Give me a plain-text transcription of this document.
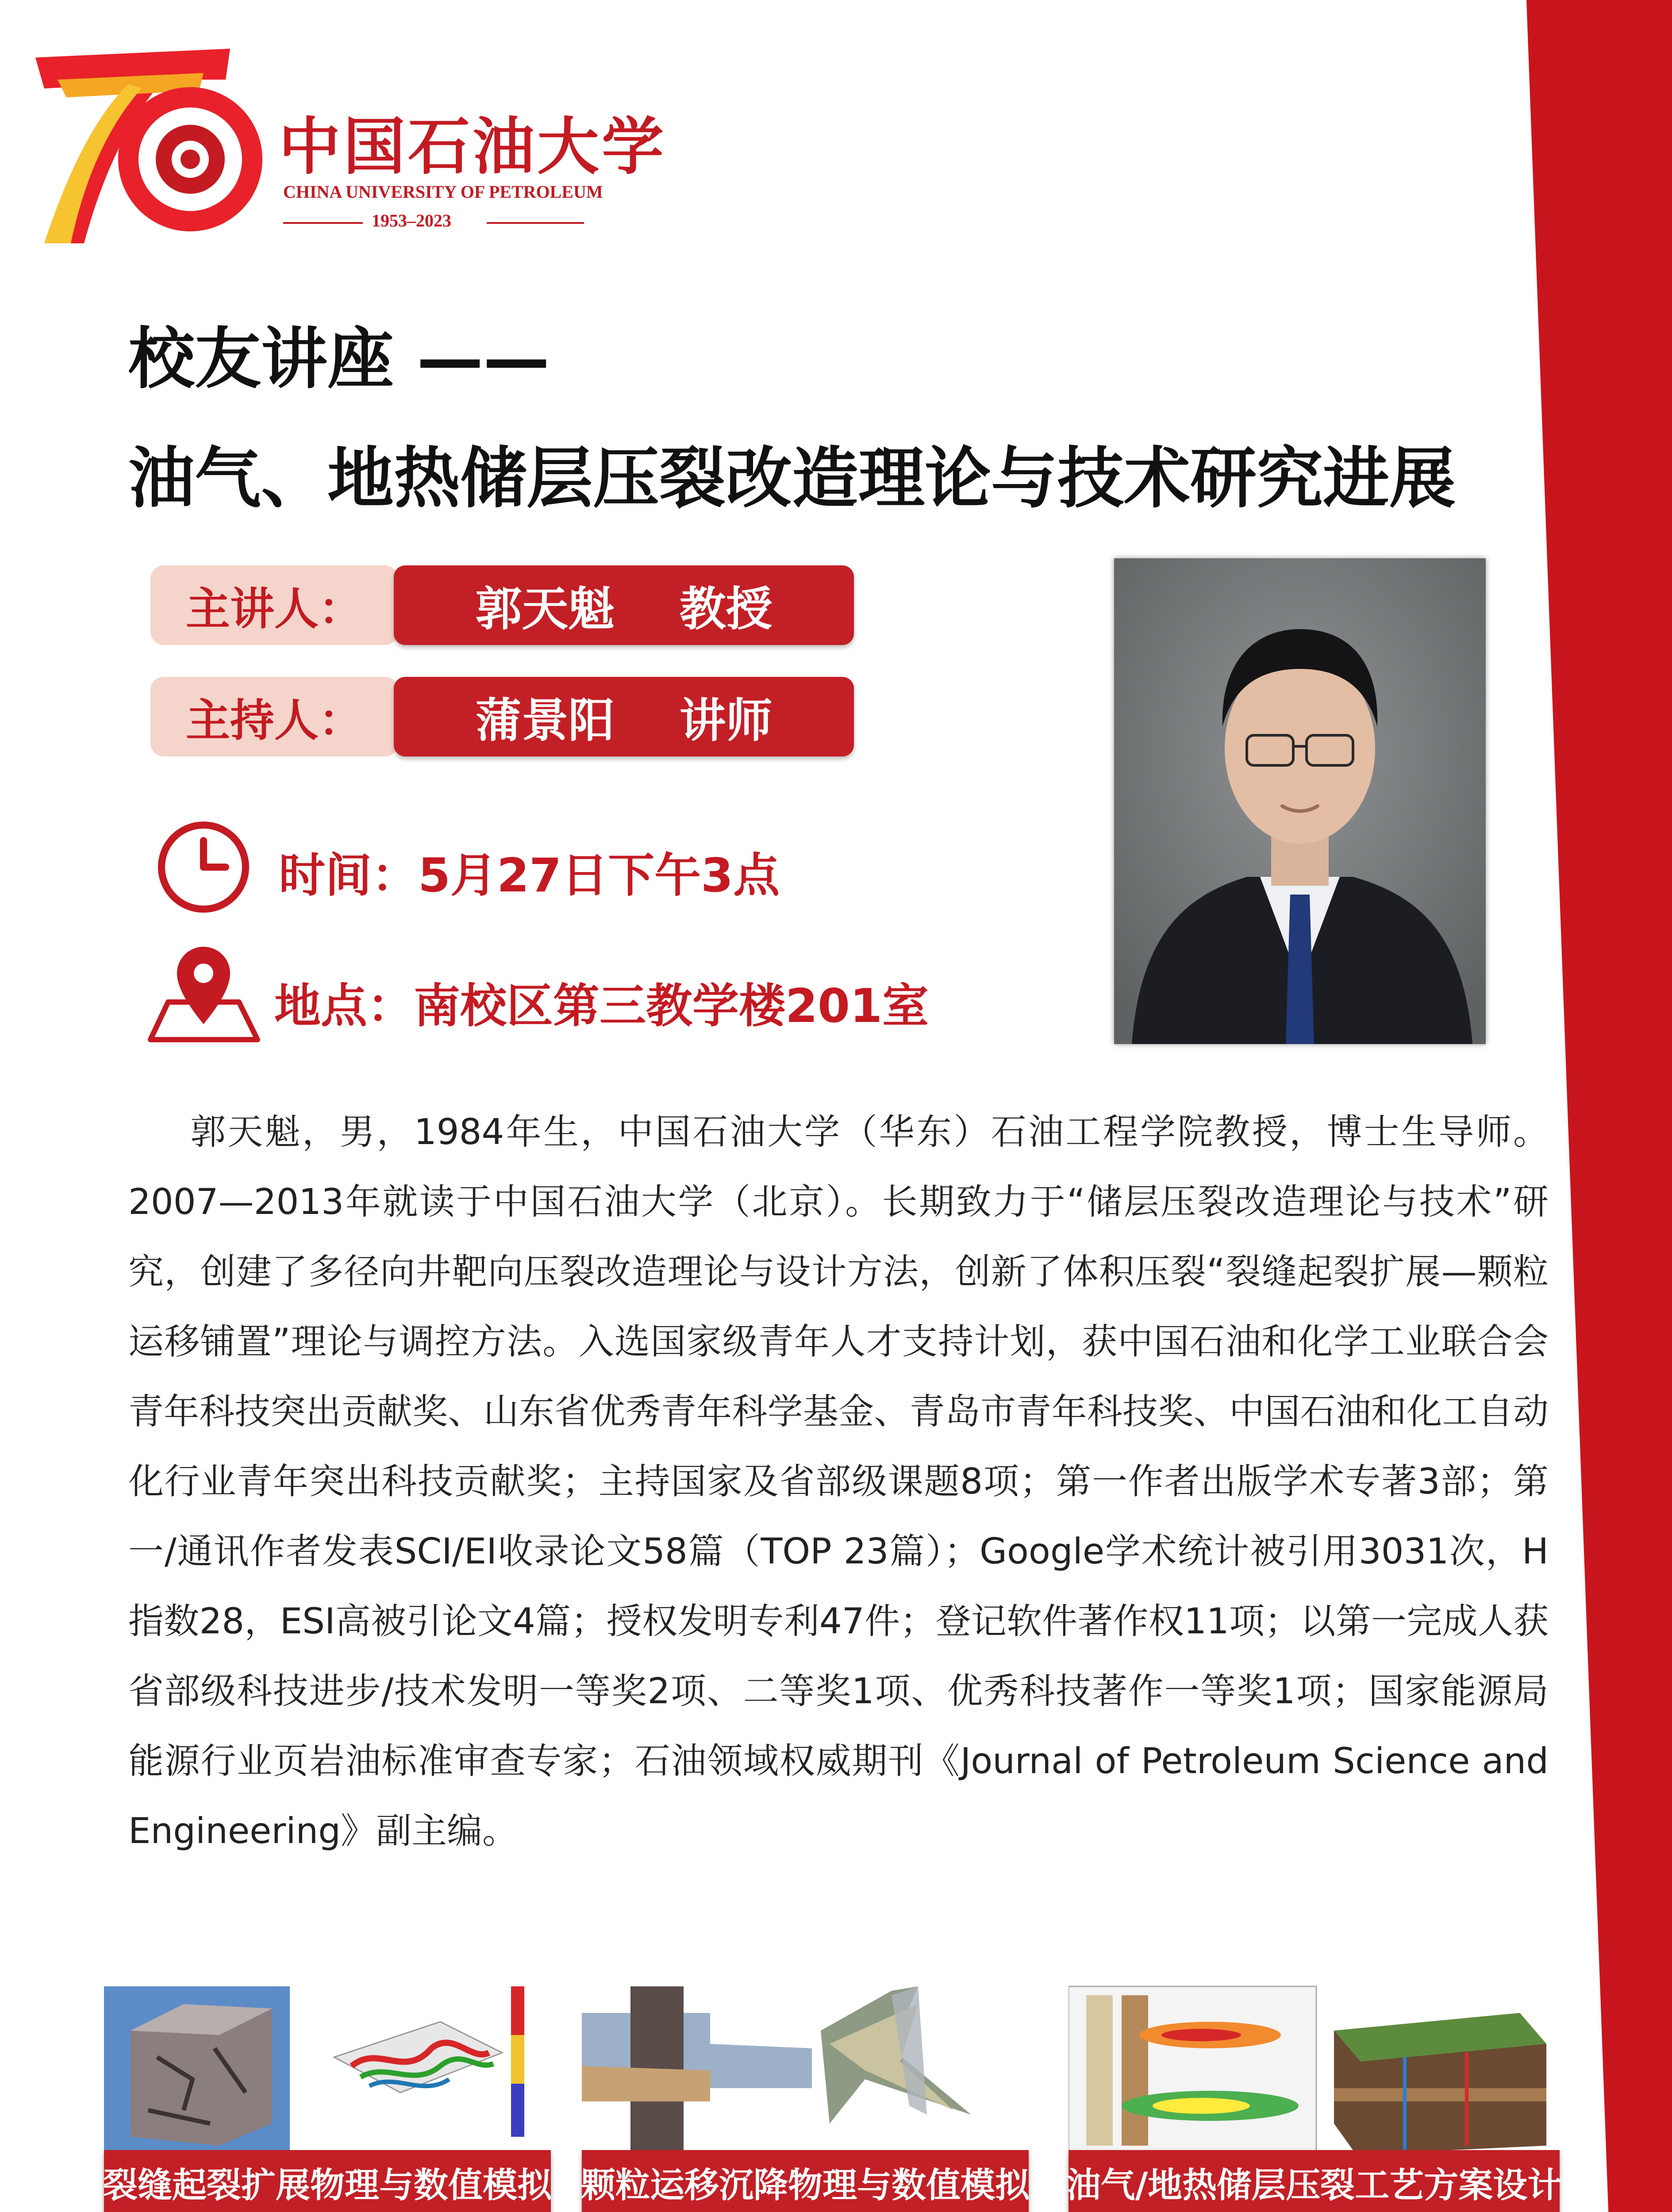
中国石油大学
CHINA UNIVERSITY OF PETROLEUM
1953–2023
校友讲座 ——
油气、地热储层压裂改造理论与技术研究进展
主讲人：	郭天魁    教授
主持人：	蒲景阳    讲师
时间：5月27日下午3点
地点：南校区第三教学楼201室
郭天魁，男，1984年生，中国石油大学（华东）石油工程学院教授，博士生导师。2007—2013年就读于中国石油大学（北京）。长期致力于“储层压裂改造理论与技术”研究，创建了多径向井靶向压裂改造理论与设计方法，创新了体积压裂“裂缝起裂扩展—颗粒运移铺置”理论与调控方法。入选国家级青年人才支持计划，获中国石油和化学工业联合会青年科技突出贡献奖、山东省优秀青年科学基金、青岛市青年科技奖、中国石油和化工自动化行业青年突出科技贡献奖；主持国家及省部级课题8项；第一作者出版学术专著3部；第一/通讯作者发表SCI/EI收录论文58篇（TOP 23篇）；Google学术统计被引用3031次，H指数28，ESI高被引论文4篇；授权发明专利47件；登记软件著作权11项；以第一完成人获省部级科技进步/技术发明一等奖2项、二等奖1项、优秀科技著作一等奖1项；国家能源局能源行业页岩油标准审查专家；石油领域权威期刊《Journal of Petroleum Science and Engineering》副主编。
裂缝起裂扩展物理与数值模拟 颗粒运移沉降物理与数值模拟 油气/地热储层压裂工艺方案设计
